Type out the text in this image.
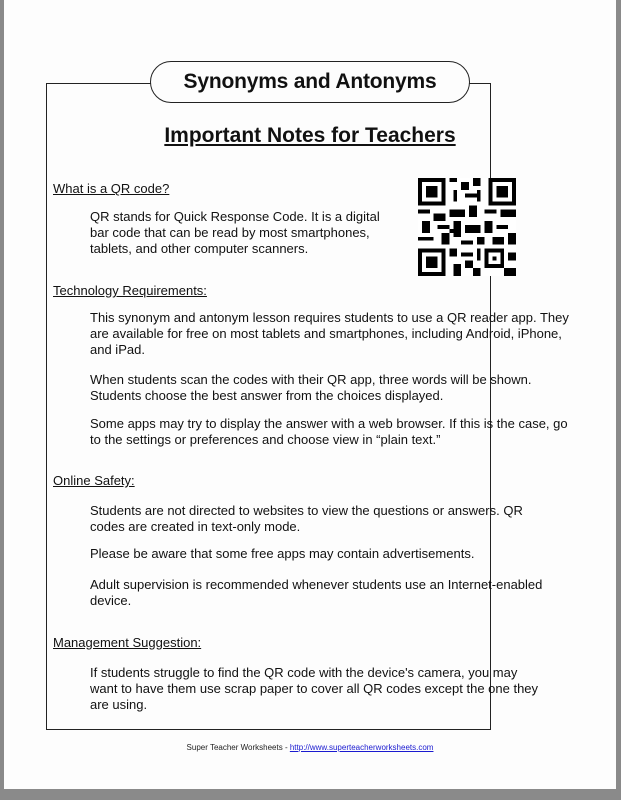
Synonyms and Antonyms
Important Notes for Teachers
What is a QR code?

QR stands for Quick Response Code. It is a digital bar code that can be read by most smartphones, tablets, and other computer scanners.

Technology Requirements:

This synonym and antonym lesson requires students to use a QR reader app. They are available for free on most tablets and smartphones, including Android, iPhone, and iPad.

When students scan the codes with their QR app, three words will be shown. Students choose the best answer from the choices displayed.

Some apps may try to display the answer with a web browser. If this is the case, go to the settings or preferences and choose view in “plain text.”

Online Safety:

Students are not directed to websites to view the questions or answers. QR codes are created in text-only mode.

Please be aware that some free apps may contain advertisements.

Adult supervision is recommended whenever students use an Internet-enabled device.

Management Suggestion:

If students struggle to find the QR code with the device's camera, you may want to have them use scrap paper to cover all QR codes except the one they are using.

Super Teacher Worksheets - http://www.superteacherworksheets.com
